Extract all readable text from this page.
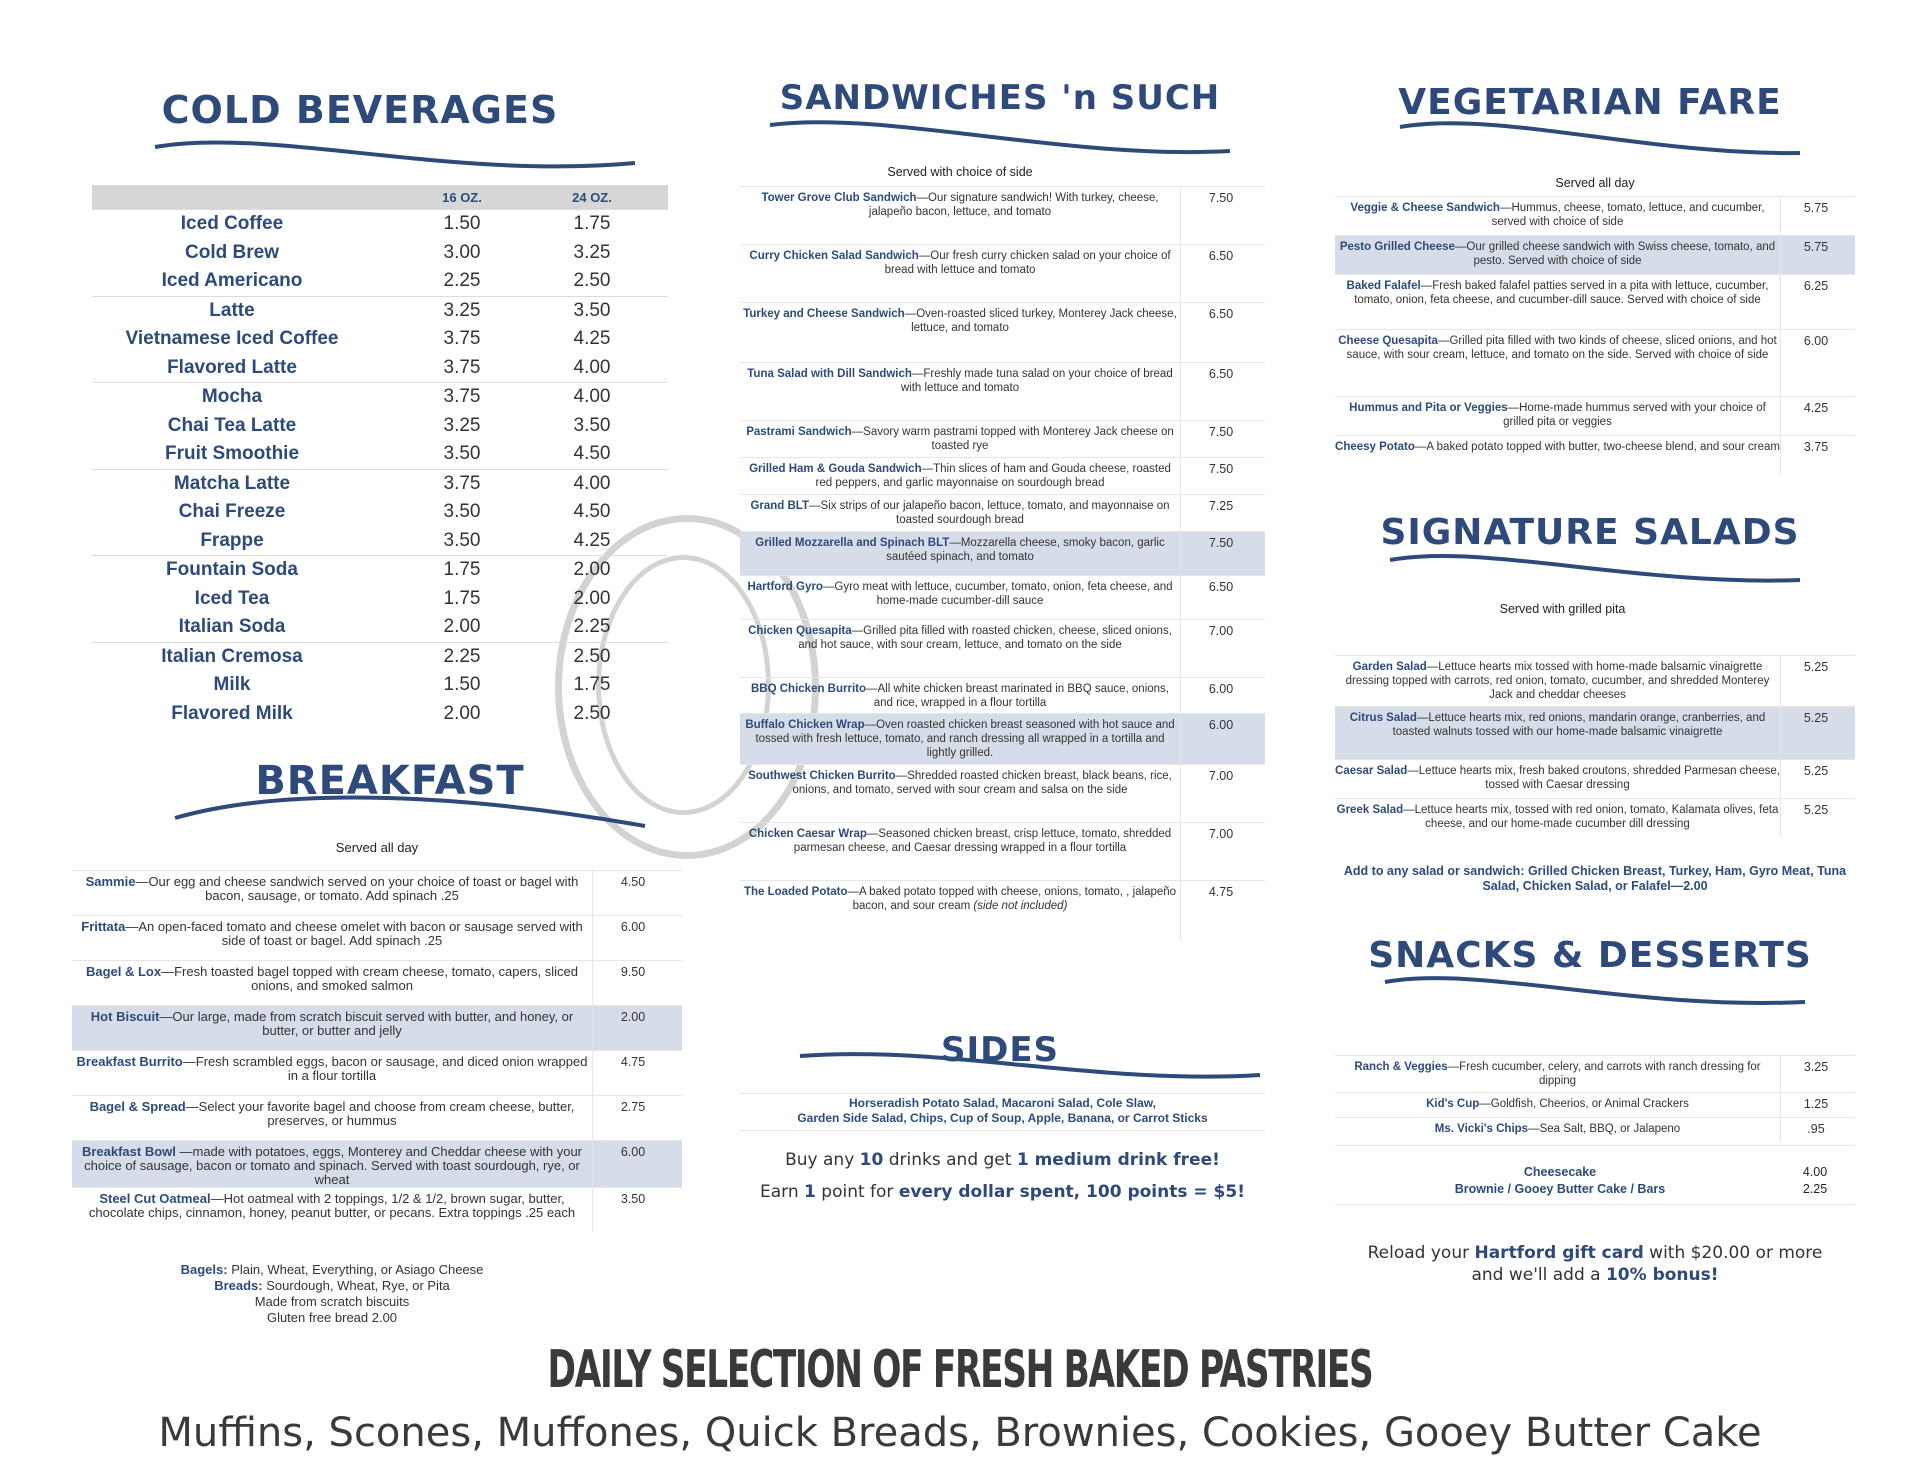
COLD BEVERAGES
16 OZ.	24 OZ.
Iced Coffee	1.50	1.75
Cold Brew	3.00	3.25
Iced Americano	2.25	2.50
Latte	3.25	3.50
Vietnamese Iced Coffee	3.75	4.25
Flavored Latte	3.75	4.00
Mocha	3.75	4.00
Chai Tea Latte	3.25	3.50
Fruit Smoothie	3.50	4.50
Matcha Latte	3.75	4.00
Chai Freeze	3.50	4.50
Frappe	3.50	4.25
Fountain Soda	1.75	2.00
Iced Tea	1.75	2.00
Italian Soda	2.00	2.25
Italian Cremosa	2.25	2.50
Milk	1.50	1.75
Flavored Milk	2.00	2.50
BREAKFAST
Served all day
Sammie—Our egg and cheese sandwich served on your choice of toast or bagel with bacon, sausage, or tomato. Add spinach .25
4.50
Frittata—An open-faced tomato and cheese omelet with bacon or sausage served with side of toast or bagel. Add spinach .25
6.00
Bagel & Lox—Fresh toasted bagel topped with cream cheese, tomato, capers, sliced onions, and smoked salmon
9.50
Hot Biscuit—Our large, made from scratch biscuit served with butter, and honey, or butter, or butter and jelly
2.00
Breakfast Burrito—Fresh scrambled eggs, bacon or sausage, and diced onion wrapped in a flour tortilla
4.75
Bagel & Spread—Select your favorite bagel and choose from cream cheese, butter, preserves, or hummus
2.75
Breakfast Bowl —made with potatoes, eggs, Monterey and Cheddar cheese with your choice of sausage, bacon or tomato and spinach. Served with toast sourdough, rye, or wheat
6.00
Steel Cut Oatmeal—Hot oatmeal with 2 toppings, 1/2 & 1/2, brown sugar, butter, chocolate chips, cinnamon, honey, peanut butter, or pecans. Extra toppings .25 each
3.50
Bagels: Plain, Wheat, Everything, or Asiago Cheese
Breads: Sourdough, Wheat, Rye, or Pita
Made from scratch biscuits
Gluten free bread 2.00
SANDWICHES 'n SUCH
Served with choice of side
Tower Grove Club Sandwich—Our signature sandwich! With turkey, cheese, jalapeño bacon, lettuce, and tomato
7.50
Curry Chicken Salad Sandwich—Our fresh curry chicken salad on your choice of bread with lettuce and tomato
6.50
Turkey and Cheese Sandwich—Oven-roasted sliced turkey, Monterey Jack cheese, lettuce, and tomato
6.50
Tuna Salad with Dill Sandwich—Freshly made tuna salad on your choice of bread with lettuce and tomato
6.50
Pastrami Sandwich—Savory warm pastrami topped with Monterey Jack cheese on toasted rye
7.50
Grilled Ham & Gouda Sandwich—Thin slices of ham and Gouda cheese, roasted red peppers, and garlic mayonnaise on sourdough bread
7.50
Grand BLT—Six strips of our jalapeño bacon, lettuce, tomato, and mayonnaise on toasted sourdough bread
7.25
Grilled Mozzarella and Spinach BLT—Mozzarella cheese, smoky bacon, garlic sautéed spinach, and tomato
7.50
Hartford Gyro—Gyro meat with lettuce, cucumber, tomato, onion, feta cheese, and home-made cucumber-dill sauce
6.50
Chicken Quesapita—Grilled pita filled with roasted chicken, cheese, sliced onions, and hot sauce, with sour cream, lettuce, and tomato on the side
7.00
BBQ Chicken Burrito—All white chicken breast marinated in BBQ sauce, onions, and rice, wrapped in a flour tortilla
6.00
Buffalo Chicken Wrap—Oven roasted chicken breast seasoned with hot sauce and tossed with fresh lettuce, tomato, and ranch dressing all wrapped in a tortilla and lightly grilled.
6.00
Southwest Chicken Burrito—Shredded roasted chicken breast, black beans, rice, onions, and tomato, served with sour cream and salsa on the side
7.00
Chicken Caesar Wrap—Seasoned chicken breast, crisp lettuce, tomato, shredded parmesan cheese, and Caesar dressing wrapped in a flour tortilla
7.00
The Loaded Potato—A baked potato topped with cheese, onions, tomato, , jalapeño bacon, and sour cream (side not included)
4.75
SIDES
Horseradish Potato Salad, Macaroni Salad, Cole Slaw,
Garden Side Salad, Chips, Cup of Soup, Apple, Banana, or Carrot Sticks
Buy any 10 drinks and get 1 medium drink free!
Earn 1 point for every dollar spent, 100 points = $5!
VEGETARIAN FARE
Served all day
Veggie & Cheese Sandwich—Hummus, cheese, tomato, lettuce, and cucumber, served with choice of side
5.75
Pesto Grilled Cheese—Our grilled cheese sandwich with Swiss cheese, tomato, and pesto. Served with choice of side
5.75
Baked Falafel—Fresh baked falafel patties served in a pita with lettuce, cucumber, tomato, onion, feta cheese, and cucumber-dill sauce. Served with choice of side
6.25
Cheese Quesapita—Grilled pita filled with two kinds of cheese, sliced onions, and hot sauce, with sour cream, lettuce, and tomato on the side. Served with choice of side
6.00
Hummus and Pita or Veggies—Home-made hummus served with your choice of grilled pita or veggies
4.25
Cheesy Potato—A baked potato topped with butter, two-cheese blend, and sour cream	3.75
SIGNATURE SALADS
Served with grilled pita
Garden Salad—Lettuce hearts mix tossed with home-made balsamic vinaigrette dressing topped with carrots, red onion, tomato, cucumber, and shredded Monterey Jack and cheddar cheeses
5.25
Citrus Salad—Lettuce hearts mix, red onions, mandarin orange, cranberries, and toasted walnuts tossed with our home-made balsamic vinaigrette
5.25
Caesar Salad—Lettuce hearts mix, fresh baked croutons, shredded Parmesan cheese, tossed with Caesar dressing
5.25
Greek Salad—Lettuce hearts mix, tossed with red onion, tomato, Kalamata olives, feta cheese, and our home-made cucumber dill dressing
5.25
Add to any salad or sandwich: Grilled Chicken Breast, Turkey, Ham, Gyro Meat, Tuna Salad, Chicken Salad, or Falafel—2.00
SNACKS & DESSERTS
Ranch & Veggies—Fresh cucumber, celery, and carrots with ranch dressing for dipping
3.25
Kid's Cup—Goldfish, Cheerios, or Animal Crackers	1.25
Ms. Vicki's Chips—Sea Salt, BBQ, or Jalapeno	.95
Cheesecake	4.00
Brownie / Gooey Butter Cake / Bars	2.25
Reload your Hartford gift card with $20.00 or more
and we'll add a 10% bonus!
DAILY SELECTION OF FRESH BAKED PASTRIES
Muffins, Scones, Muffones, Quick Breads, Brownies, Cookies, Gooey Butter Cake
